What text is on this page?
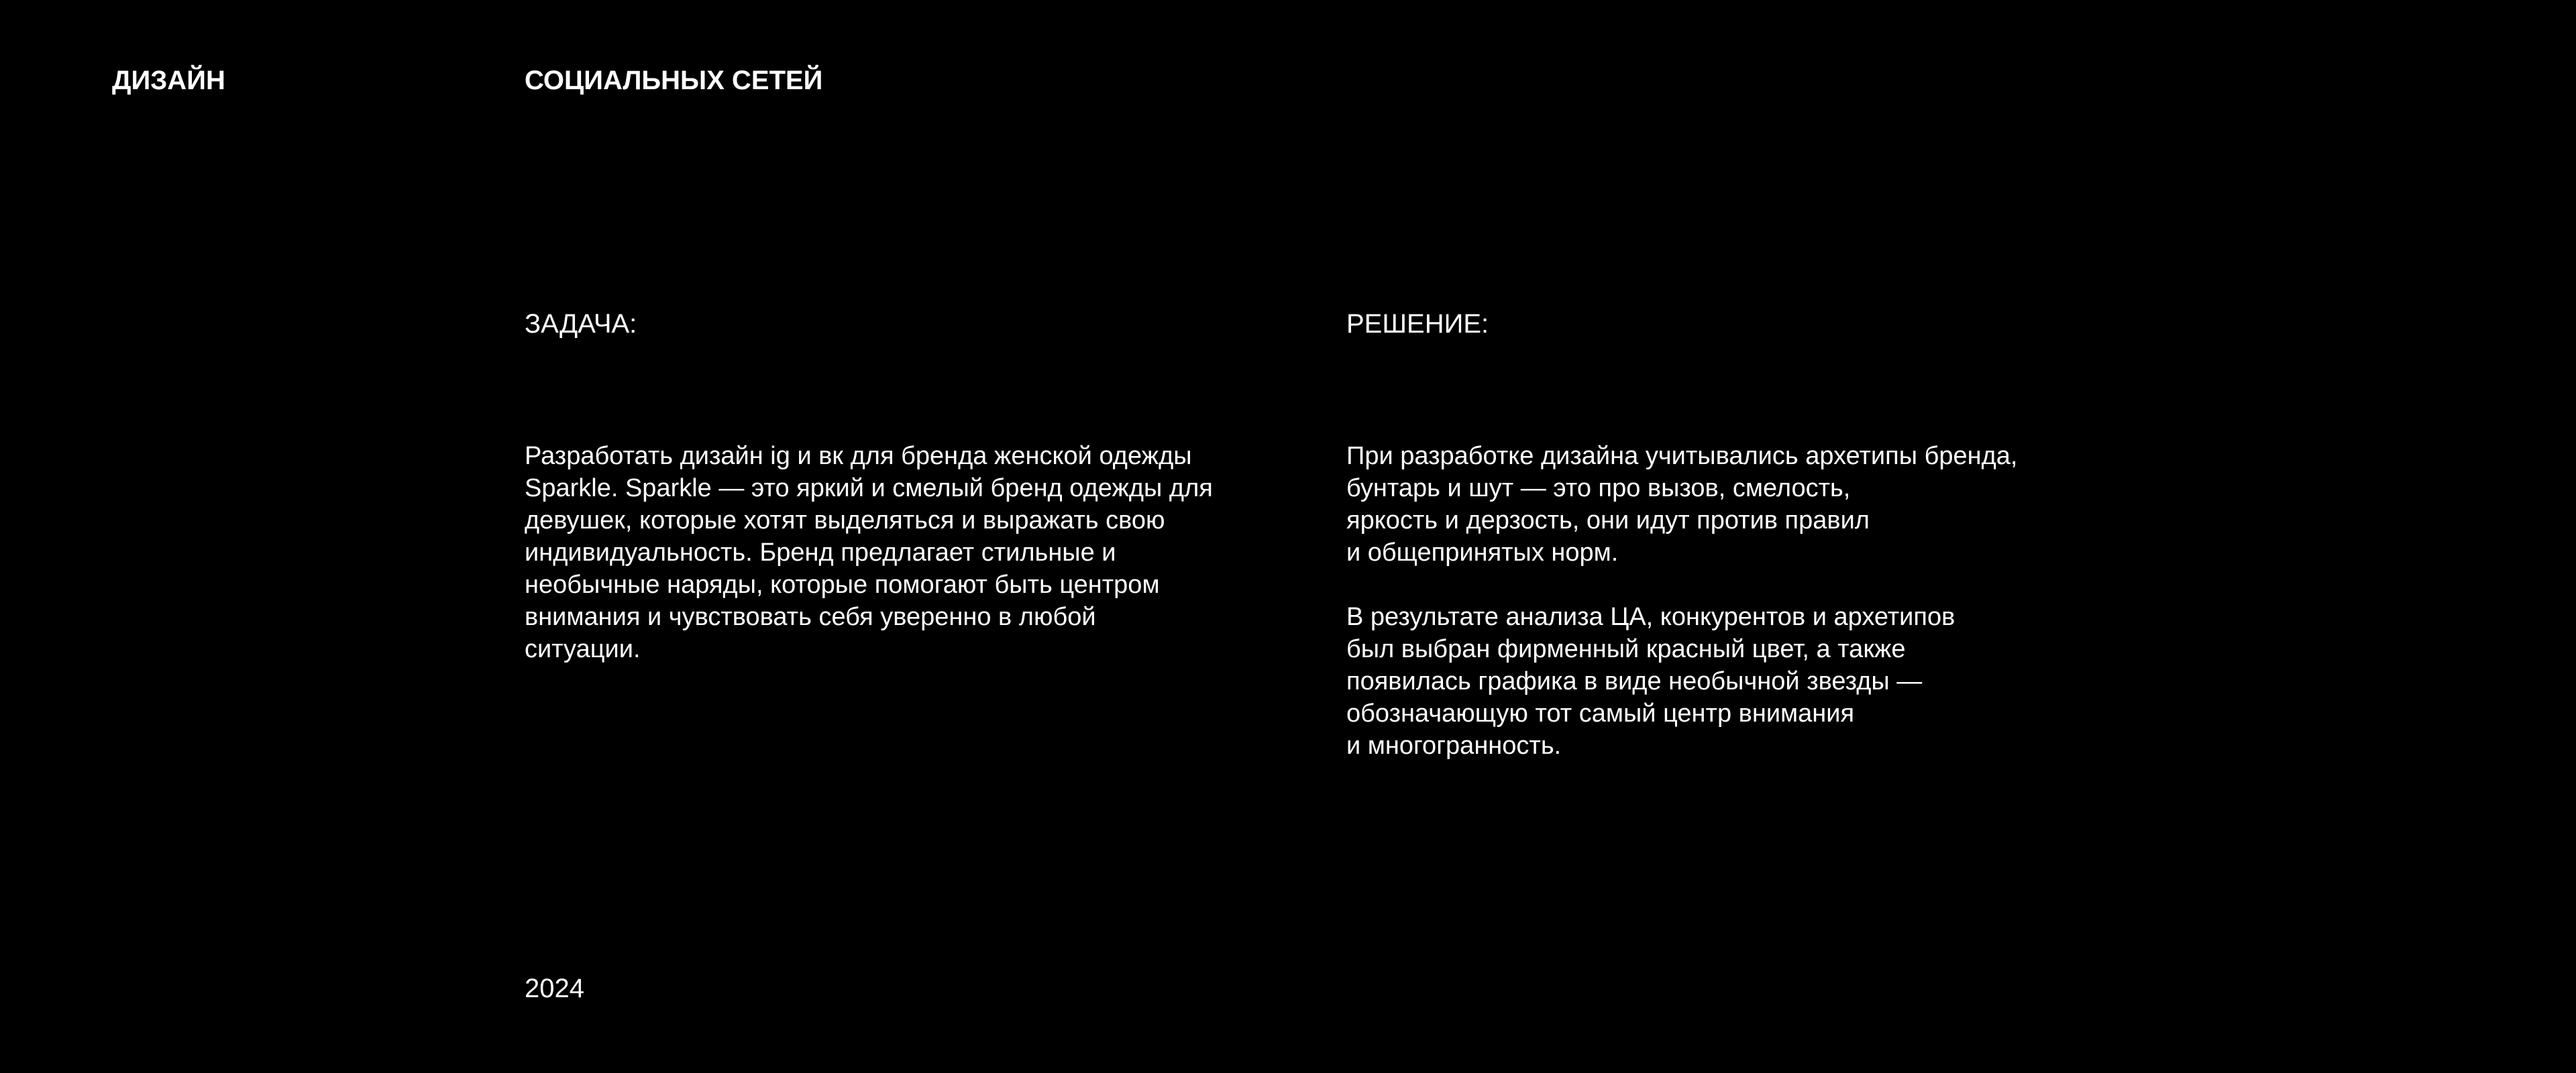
ДИЗАЙН	СОЦИАЛЬНЫХ СЕТЕЙ
ЗАДАЧА:
Разработать дизайн ig и вк для бренда женской одежды
Sparkle. Sparkle — это яркий и смелый бренд одежды для
девушек, которые хотят выделяться и выражать свою
индивидуальность. Бренд предлагает стильные и
необычные наряды, которые помогают быть центром
внимания и чувствовать себя уверенно в любой
ситуации.
РЕШЕНИЕ:
При разработке дизайна учитывались архетипы бренда,
бунтарь и шут — это про вызов, смелость,
яркость и дерзость, они идут против правил
и общепринятых норм.
В результате анализа ЦА, конкурентов и архетипов
был выбран фирменный красный цвет, а также
появилась графика в виде необычной звезды —
обозначающую тот самый центр внимания
и многогранность.
2024
